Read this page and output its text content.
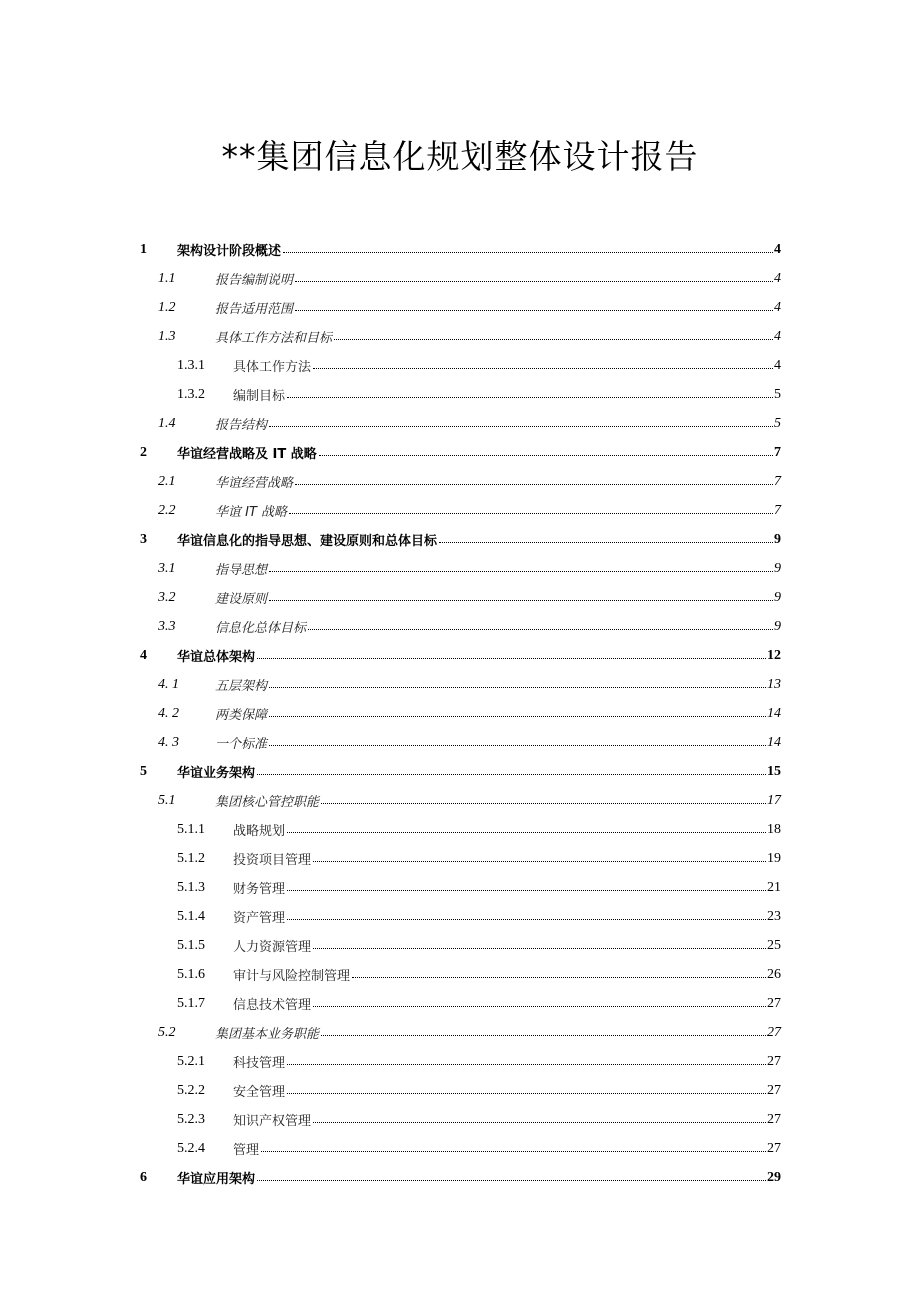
**集团信息化规划整体设计报告
1	架构设计阶段概述	4
1.1	报告编制说明	4
1.2	报告适用范围	4
1.3	具体工作方法和目标	4
1.3.1	具体工作方法	4
1.3.2	编制目标	5
1.4	报告结构	5
2	华谊经营战略及 IT 战略	7
2.1	华谊经营战略	7
2.2	华谊 IT 战略	7
3	华谊信息化的指导思想、建设原则和总体目标	9
3.1	指导思想	9
3.2	建设原则	9
3.3	信息化总体目标	9
4	华谊总体架构	12
4. 1	五层架构	13
4. 2	两类保障	14
4. 3	一个标准	14
5	华谊业务架构	15
5.1	集团核心管控职能	17
5.1.1	战略规划	18
5.1.2	投资项目管理	19
5.1.3	财务管理	21
5.1.4	资产管理	23
5.1.5	人力资源管理	25
5.1.6	审计与风险控制管理	26
5.1.7	信息技术管理	27
5.2	集团基本业务职能	27
5.2.1	科技管理	27
5.2.2	安全管理	27
5.2.3	知识产权管理	27
5.2.4	管理	27
6	华谊应用架构	29
